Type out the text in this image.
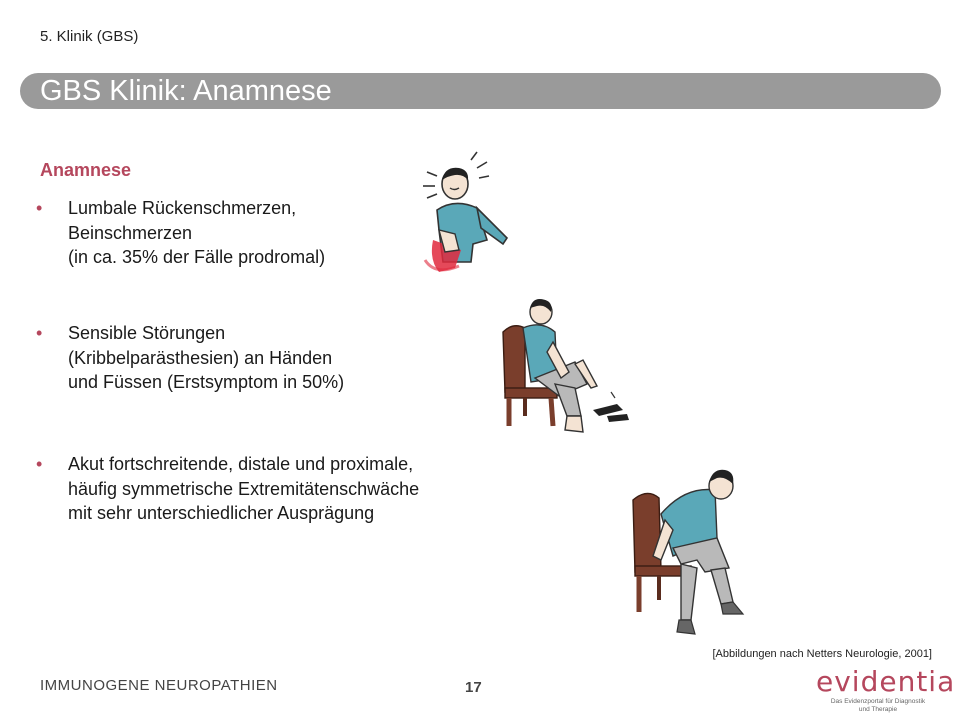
5. Klinik (GBS)
GBS Klinik: Anamnese
Anamnese
• Lumbale Rückenschmerzen,
Beinschmerzen
(in ca. 35% der Fälle prodromal)
• Sensible Störungen
(Kribbelparästhesien) an Händen
und Füssen (Erstsymptom in 50%)
• Akut fortschreitende, distale und proximale,
häufig symmetrische Extremitätenschwäche
mit sehr unterschiedlicher Ausprägung
[Abbildungen nach Netters Neurologie, 2001]
IMMUNOGENE NEUROPATHIEN	17	evidentia
Das Evidenzportal für Diagnostik
und Therapie
